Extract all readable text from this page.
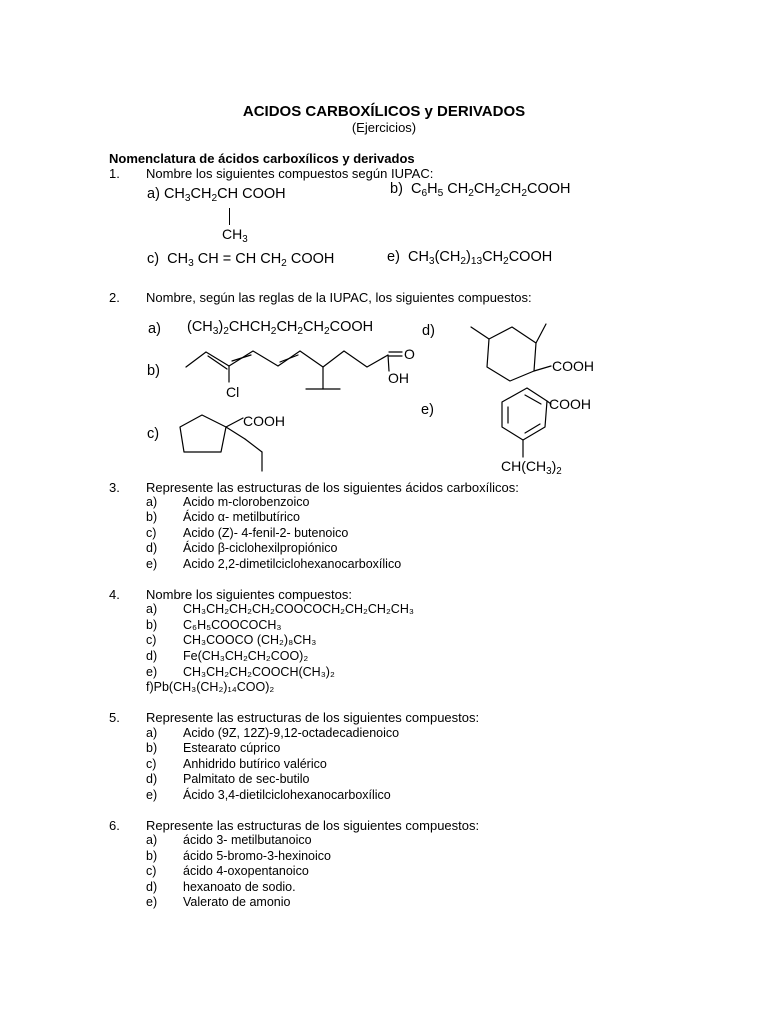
ACIDOS CARBOXÍLICOS y DERIVADOS
(Ejercicios)
Nomenclatura de ácidos carboxílicos y derivados
1. Nombre los siguientes compuestos según IUPAC:
a) $CH_3CH_2CH$ COOH
$CH_3$
b)  $C_6H_5$ $CH_2CH_2CH_2COOH$
c)  $CH_3$ CH = CH $CH_2$ COOH	e)  $CH_3(CH_2)_{13}CH_2COOH$
2. Nombre, según las reglas de la IUPAC, los siguientes compuestos:
a) $(CH_3)_2CHCH_2CH_2CH_2COOH$
b)
c)
d)
e)
Cl
O
OH
COOH
COOH
COOH
$CH(CH_3)_2$
3. Represente las estructuras de los siguientes ácidos carboxílicos:
a) Acido m-clorobenzoico
b) Ácido α- metilbutírico
c) Acido (Z)- 4-fenil-2- butenoico
d) Ácido β-ciclohexilpropiónico
e) Acido 2,2-dimetilciclohexanocarboxílico
4. Nombre los siguientes compuestos:
a) CH₃CH₂CH₂CH₂COOCOCH₂CH₂CH₂CH₃
b) C₆H₅COOCOCH₃
c) CH₃COOCO (CH₂)₈CH₃
d) Fe(CH₃CH₂CH₂COO)₂
e) CH₃CH₂CH₂COOCH(CH₃)₂
f)Pb(CH₃(CH₂)₁₄COO)₂
5. Represente las estructuras de los siguientes compuestos:
a) Acido (9Z, 12Z)-9,12-octadecadienoico
b) Estearato cúprico
c) Anhidrido butírico valérico
d) Palmitato de sec-butilo
e) Ácido 3,4-dietilciclohexanocarboxílico
6. Represente las estructuras de los siguientes compuestos:
a) ácido 3- metilbutanoico
b) ácido 5-bromo-3-hexinoico
c) ácido 4-oxopentanoico
d) hexanoato de sodio.
e) Valerato de amonio
